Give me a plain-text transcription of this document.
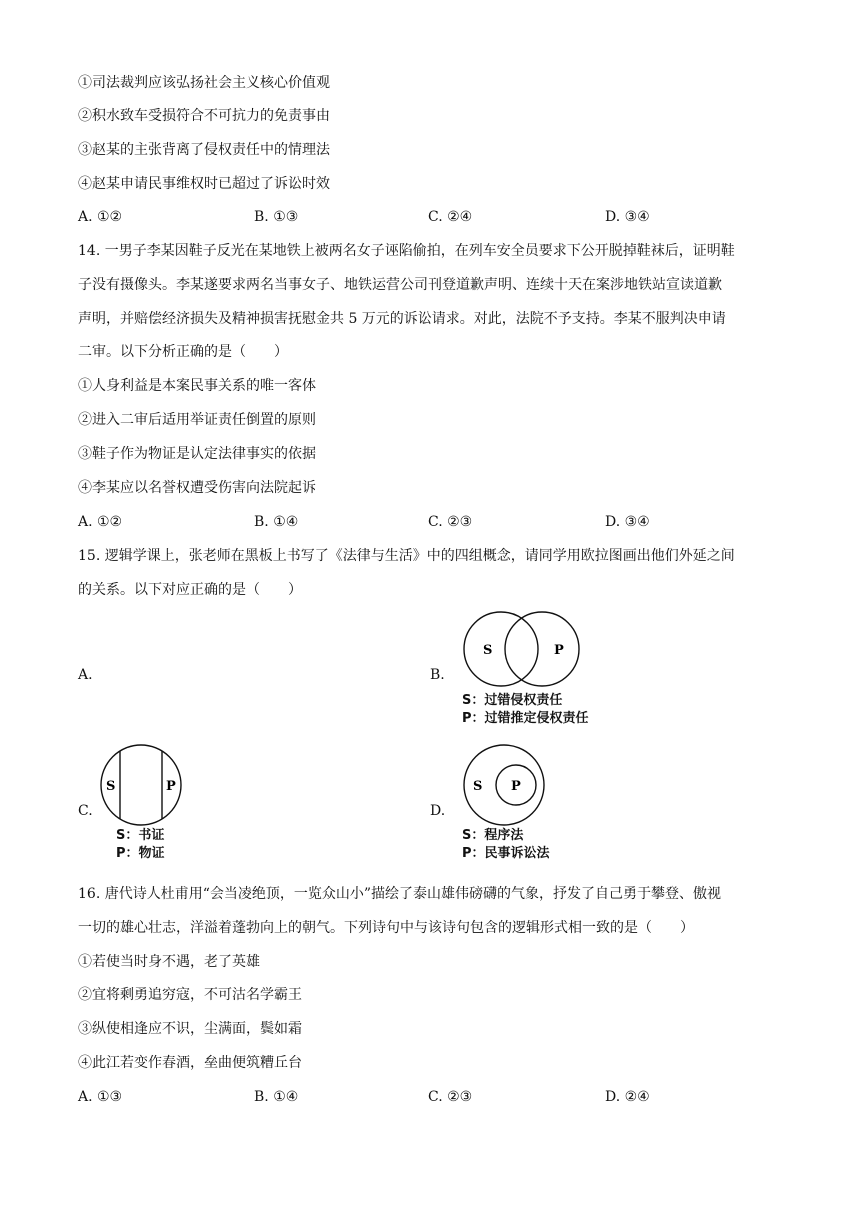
①司法裁判应该弘扬社会主义核心价值观
②积水致车受损符合不可抗力的免责事由
③赵某的主张背离了侵权责任中的情理法
④赵某申请民事维权时已超过了诉讼时效
A. ①②	B. ①③	C. ②④	D. ③④
14. 一男子李某因鞋子反光在某地铁上被两名女子诬陷偷拍，在列车安全员要求下公开脱掉鞋袜后，证明鞋
子没有摄像头。李某遂要求两名当事女子、地铁运营公司刊登道歉声明、连续十天在案涉地铁站宣读道歉
声明，并赔偿经济损失及精神损害抚慰金共 5 万元的诉讼请求。对此，法院不予支持。李某不服判决申请
二审。以下分析正确的是（　　）
①人身利益是本案民事关系的唯一客体
②进入二审后适用举证责任倒置的原则
③鞋子作为物证是认定法律事实的依据
④李某应以名誉权遭受伤害向法院起诉
A. ①②	B. ①④	C. ②③	D. ③④
15. 逻辑学课上，张老师在黑板上书写了《法律与生活》中的四组概念，请同学用欧拉图画出他们外延之间
的关系。以下对应正确的是（　　）
A.	B.
S	P
S：过错侵权责任
P：过错推定侵权责任
C.
S	P
S：书证
P：物证
D.
S P
S：程序法
P：民事诉讼法
16. 唐代诗人杜甫用“会当凌绝顶，一览众山小”描绘了泰山雄伟磅礴的气象，抒发了自己勇于攀登、傲视
一切的雄心壮志，洋溢着蓬勃向上的朝气。下列诗句中与该诗句包含的逻辑形式相一致的是（　　）
①若使当时身不遇，老了英雄
②宜将剩勇追穷寇，不可沽名学霸王
③纵使相逢应不识，尘满面，鬓如霜
④此江若变作春酒，垒曲便筑糟丘台
A. ①③	B. ①④	C. ②③	D. ②④
